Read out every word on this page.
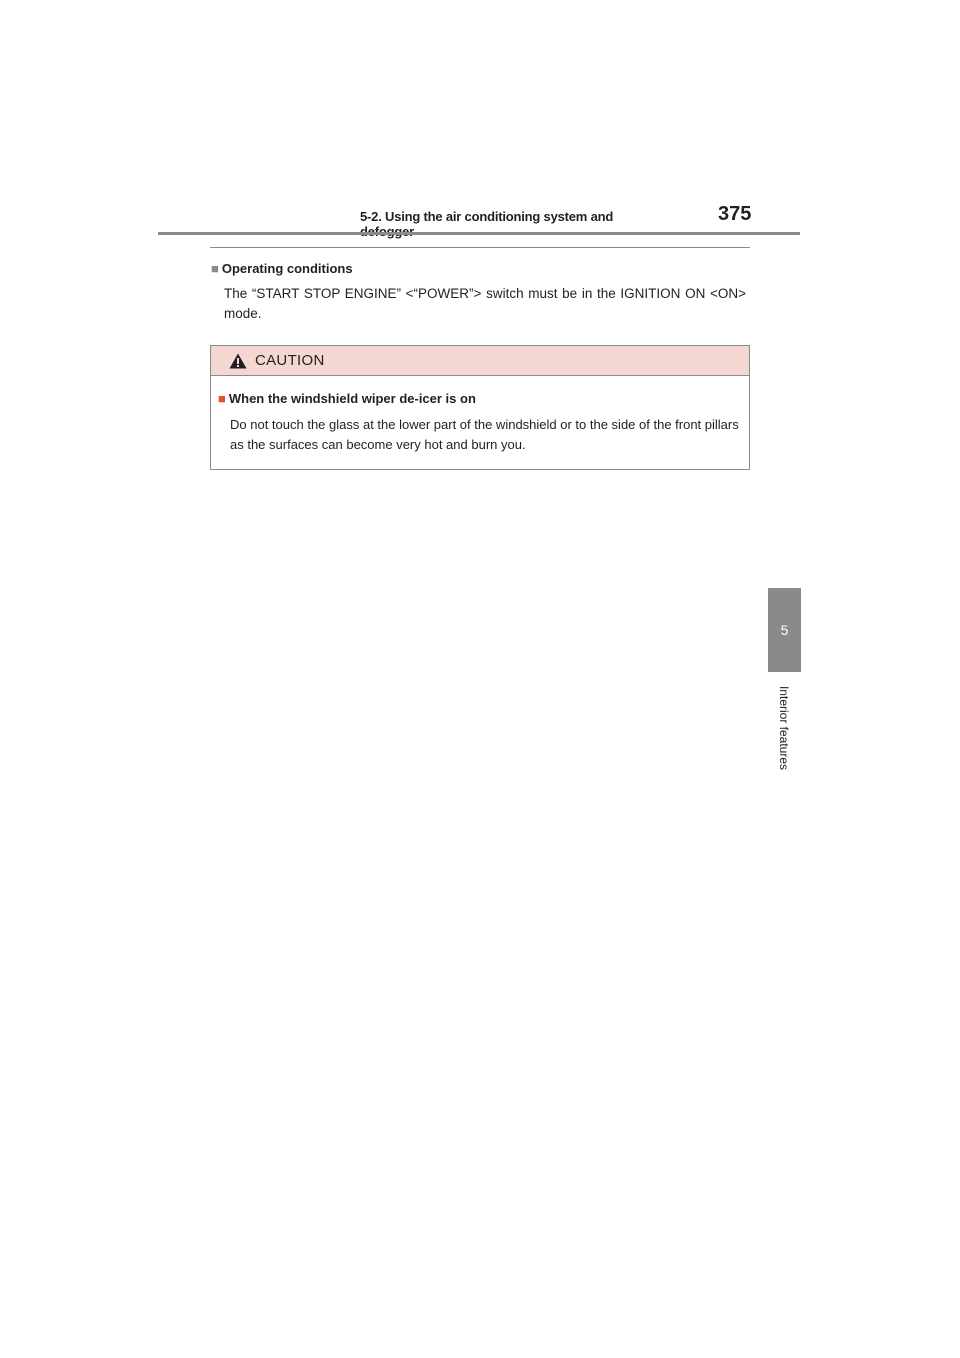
5-2. Using the air conditioning system and	375
5
Interior features
■ Operating conditions
The “START STOP ENGINE” <“POWER”> switch must be in the IGNITION ON <ON> mode.
CAUTION
■ When the windshield wiper de-icer is on
Do not touch the glass at the lower part of the windshield or to the side of the front pillars as the surfaces can become very hot and burn you.
